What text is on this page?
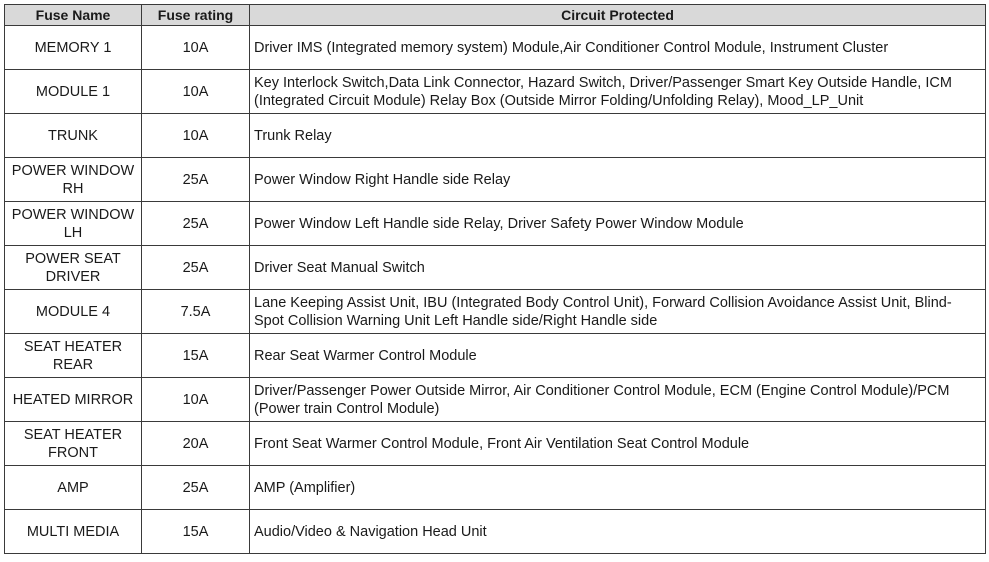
Fuse Name	Fuse rating	Circuit Protected
MEMORY 1	10A	Driver IMS (Integrated memory system) Module,Air Conditioner Control Module, Instrument Cluster
MODULE 1	10A	Key Interlock Switch,Data Link Connector, Hazard Switch, Driver/Passenger Smart Key Outside Handle, ICM (Integrated Circuit Module) Relay Box (Outside Mirror Folding/Unfolding Relay), Mood_LP_Unit
TRUNK	10A	Trunk Relay
POWER WINDOW RH	25A	Power Window Right Handle side Relay
POWER WINDOW LH	25A	Power Window Left Handle side Relay, Driver Safety Power Window Module
POWER SEAT DRIVER	25A	Driver Seat Manual Switch
MODULE 4	7.5A	Lane Keeping Assist Unit, IBU (Integrated Body Control Unit), Forward Collision Avoidance Assist Unit, Blind-Spot Collision Warning Unit Left Handle side/Right Handle side
SEAT HEATER REAR	15A	Rear Seat Warmer Control Module
HEATED MIRROR	10A	Driver/Passenger Power Outside Mirror, Air Conditioner Control Module, ECM (Engine Control Module)/PCM (Power train Control Module)
SEAT HEATER FRONT	20A	Front Seat Warmer Control Module, Front Air Ventilation Seat Control Module
AMP	25A	AMP (Amplifier)
MULTI MEDIA	15A	Audio/Video & Navigation Head Unit
